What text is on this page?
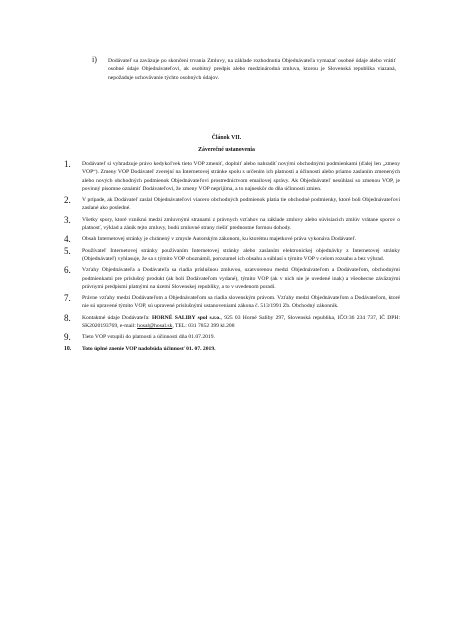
i) Dodávateľ sa zaväzuje po skončení trvania Zmluvy, na základe rozhodnutia Objednávateľa vymazať osobné údaje alebo vrátiť osobné údaje Objednávateľovi, ak osobitný predpis alebo medzinárodná zmluva, ktorou je Slovenská republika viazaná, nepožaduje uchovávanie týchto osobných údajov.
Článok VII.
Záverečné ustanovenia
1. Dodávateľ si vyhradzuje právo kedykoľvek tieto VOP zmeniť, doplniť alebo nahradiť novými obchodnými podmienkami (ďalej len „zmeny VOP“). Zmeny VOP Dodávateľ zverejní na Internetovej stránke spolu s určením ich platnosti a účinnosti alebo priamo zaslaním zmenených alebo nových obchodných podmienok Objednávateľovi prostredníctvom emailovej správy. Ak Objednávateľ nesúhlasí so zmenou VOP, je povinný písomne oznámiť Dodávateľovi, že zmeny VOP neprijíma, a to najneskôr do dňa účinnosti zmien.
2. V prípade, ak Dodávateľ zaslal Objednávateľovi viacero obchodných podmienok platia tie obchodné podmienky, ktoré boli Objednávateľovi zaslané ako posledné.
3. Všetky spory, ktoré vzniknú medzi zmluvnými stranami z právnych vzťahov na základe zmluvy alebo súvisiacich zmlúv vrátane sporov o platnosť, výklad a zánik tejto zmluvy, budú zmluvné strany riešiť prednostne formou dohody.
4. Obsah Internetovej stránky je chránený v zmysle Autorským zákonom, ku ktorému majetkové práva vykonáva Dodávateľ.
5. Používateľ Internetovej stránky používaním Internetovej stránky alebo zaslaním elektronickej objednávky z Internetovej stránky (Objednávateľ) vyhlasuje, že sa s týmito VOP oboznámil, porozumel ich obsahu a súhlasí s týmito VOP v celom rozsahu a bez výhrad.
6. Vzťahy Objednávateľa a Dodávateľa sa riadia príslušnou zmluvou, uzatvorenou medzi Objednávateľom a Dodávateľom, obchodnými podmienkami pre príslušný produkt (ak boli Dodávateľom vydané), týmito VOP (ak v nich nie je uvedené inak) a všeobecne záväznými právnymi predpismi platnými na území Slovenskej republiky, a to v uvedenom poradí.
7. Právne vzťahy medzi Dodávateľom a Objednávateľom sa riadia slovenským právom. Vzťahy medzi Objednávateľom a Dodávateľom, ktoré nie sú upravené týmito VOP, sú upravené príslušnými ustanoveniami zákona č. 513/1991 Zb. Obchodný zákonník.
8. Kontaktné údaje Dodávateľa: HORNÉ SALIBY spol s.r.o., 925 03 Horné Saliby 297, Slovenská republika, IČO:36 234 737, IČ DPH: SK2020193769, e-mail: hosal@hosal.sk, TEL: 031 7852 399 kl.208
9. Tieto VOP vstupili do platnosti a účinnosti dňa 01.07.2019.
10. Toto úplné znenie VOP nadobúda účinnosť 01. 07. 2019.
